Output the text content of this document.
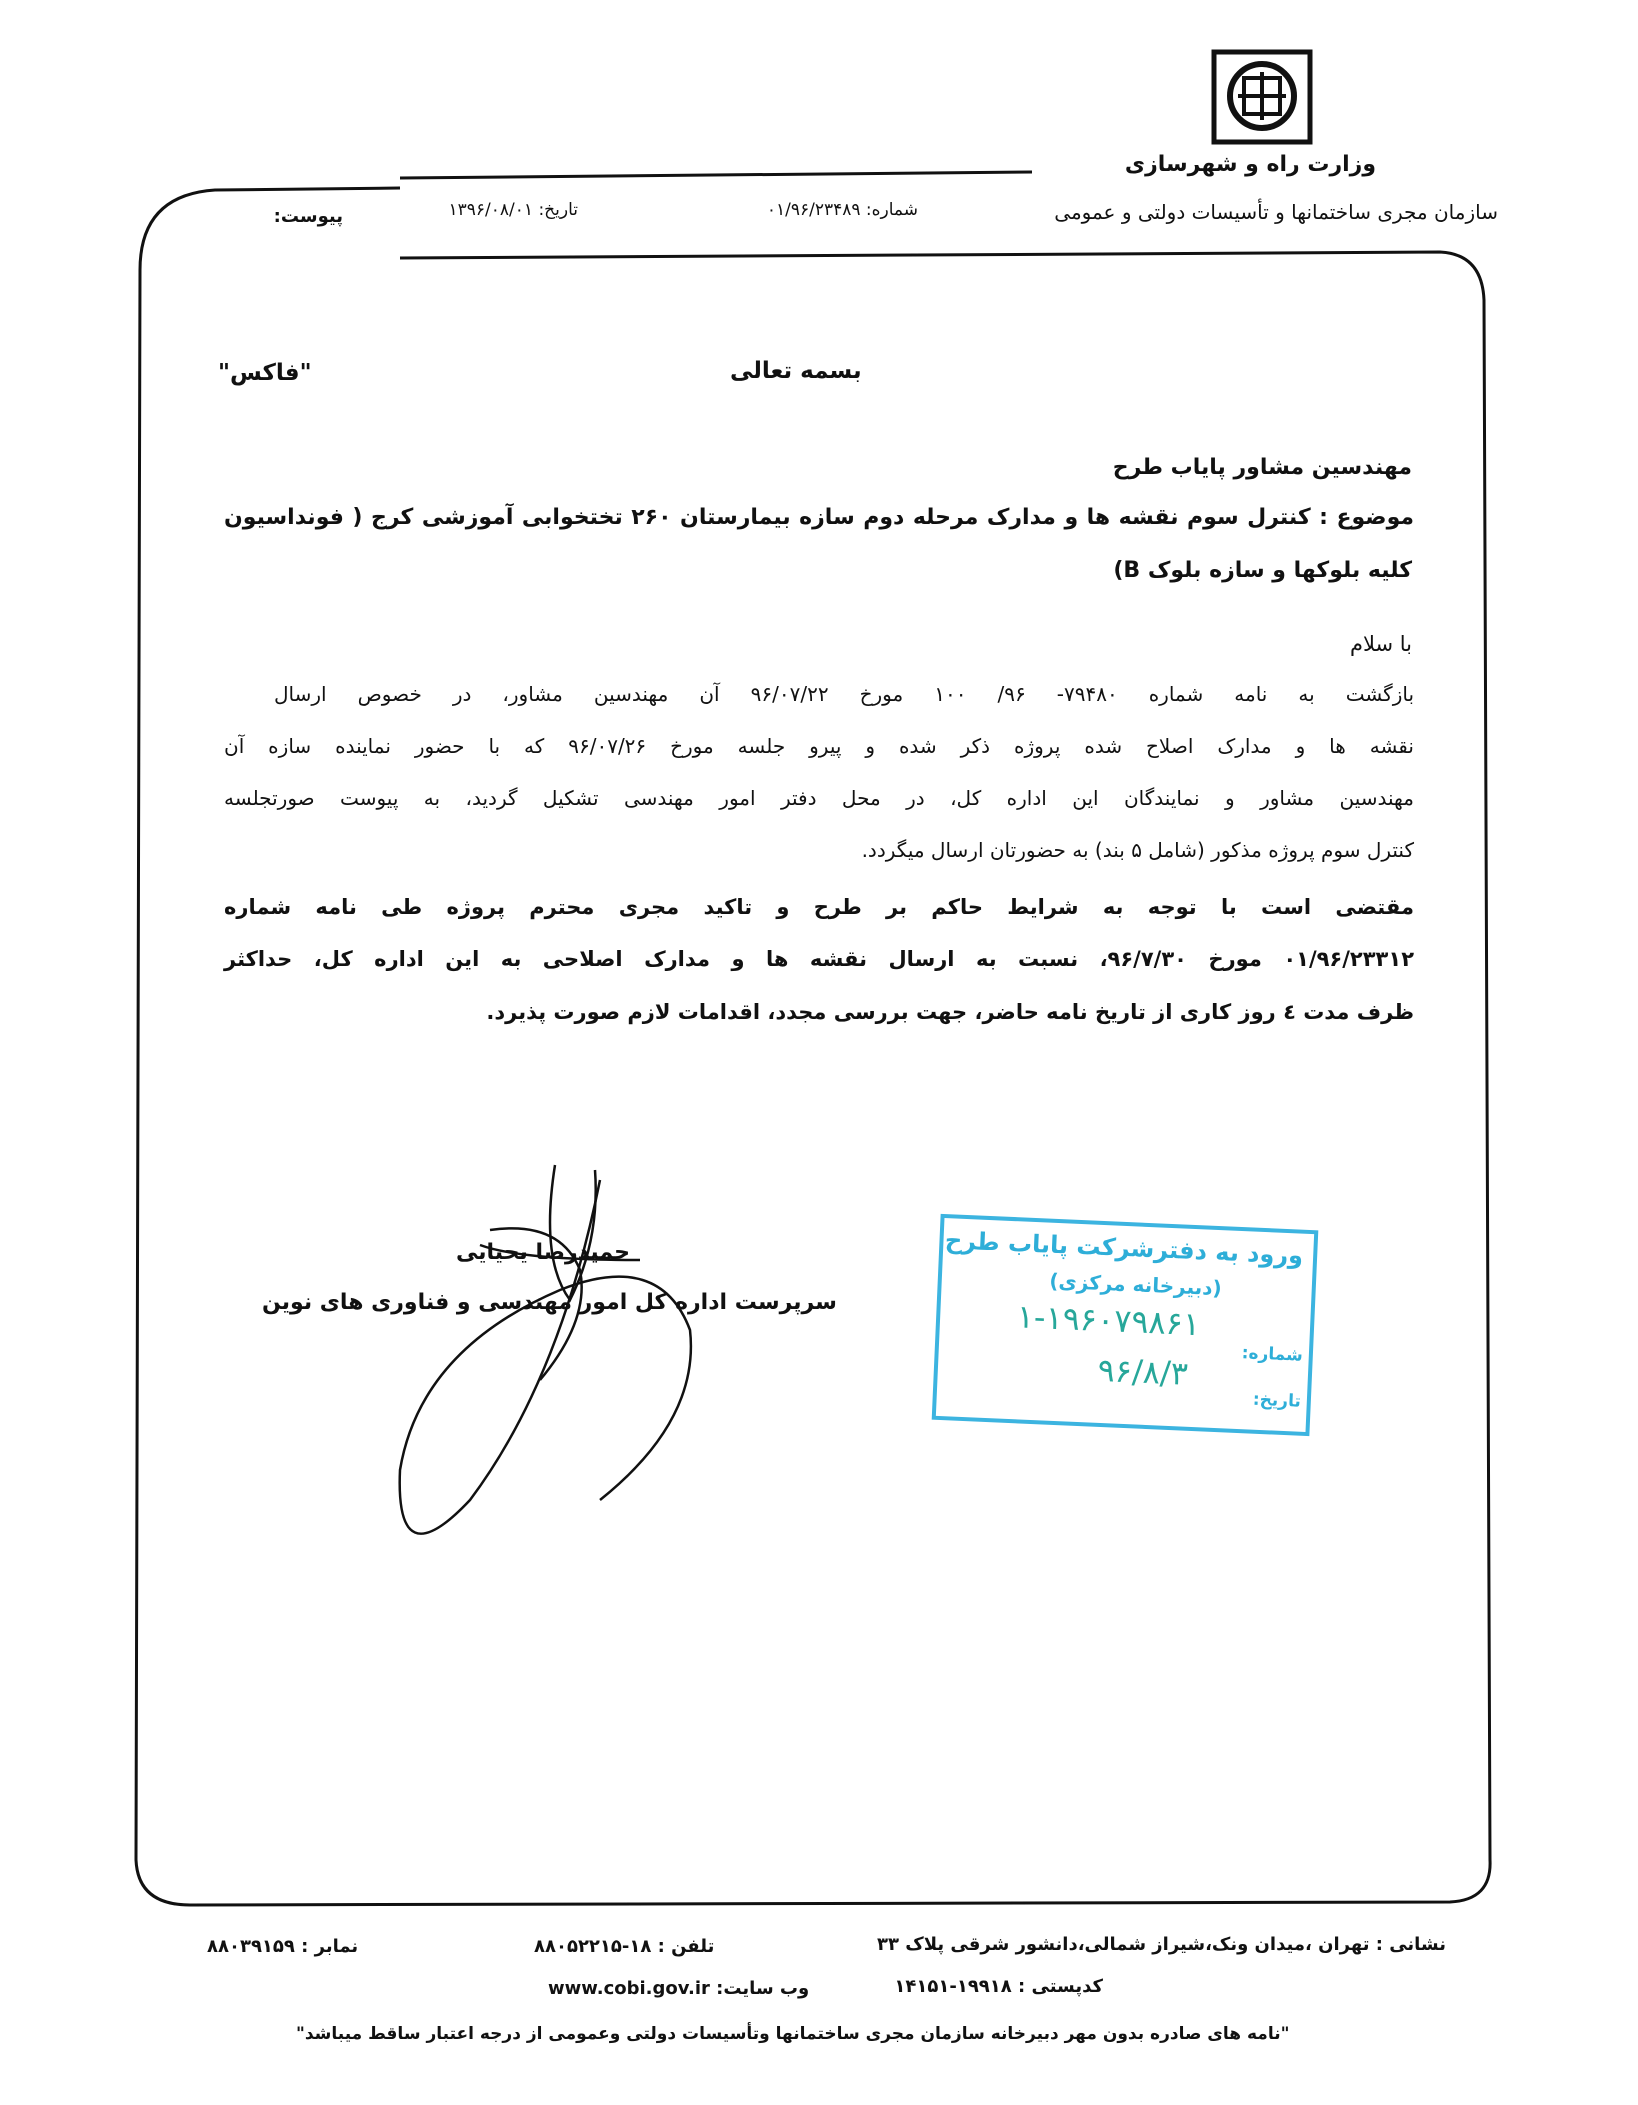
وزارت راه و شهرسازی
سازمان مجری ساختمانها و تأسیسات دولتی و عمومی
شماره: ۰۱/۹۶/۲۳۴۸۹
تاریخ: ۱۳۹۶/۰۸/۰۱
پیوست:
بسمه تعالی
"فاکس"
مهندسین مشاور پایاب طرح
موضوع : کنترل سوم نقشه ها و مدارک مرحله دوم سازه بیمارستان ۲۶۰ تختخوابی آموزشی کرج ( فونداسیون
کلیه بلوکها و سازه بلوک B)
با سلام
بازگشت به نامه شماره ۷۹۴۸۰- ۹۶/ ۱۰۰ مورخ ۹۶/۰۷/۲۲ آن مهندسین مشاور، در خصوص ارسال
نقشه ها و مدارک اصلاح شده پروژه ذکر شده و پیرو جلسه مورخ ۹۶/۰۷/۲۶ که با حضور نماینده سازه آن
مهندسین مشاور و نمایندگان این اداره کل، در محل دفتر امور مهندسی تشکیل گردید، به پیوست صورتجلسه
کنترل سوم پروژه مذکور (شامل ۵ بند) به حضورتان ارسال میگردد.
مقتضی است با توجه به شرایط حاکم بر طرح و تاکید مجری محترم پروژه طی نامه شماره
۰۱/۹۶/۲۳۳۱۲ مورخ ۹۶/۷/۳۰، نسبت به ارسال نقشه ها و مدارک اصلاحی به این اداره کل، حداکثر
ظرف مدت ٤ روز کاری از تاریخ نامه حاضر، جهت بررسی مجدد، اقدامات لازم صورت پذیرد.
حمیدرضا یحیایی
سرپرست اداره کل امور مهندسی و فناوری های نوین
ورود به دفترشرکت پایاب طرح
(دبیرخانه مرکزی)
شماره:
۱-۱۹۶۰۷۹۸۶۱
تاریخ:
۹۶/۸/۳
نشانی : تهران ،میدان ونک،شیراز شمالی،دانشور شرقی پلاک ۳۳
تلفن : ۱۸-۸۸۰۵۲۲۱۵
نمابر : ۸۸۰۳۹۱۵۹
کدپستی : ۱۹۹۱۸-۱۴۱۵۱
وب سایت: www.cobi.gov.ir
"نامه های صادره بدون مهر دبیرخانه سازمان مجری ساختمانها وتأسیسات دولتی وعمومی از درجه اعتبار ساقط میباشد"
